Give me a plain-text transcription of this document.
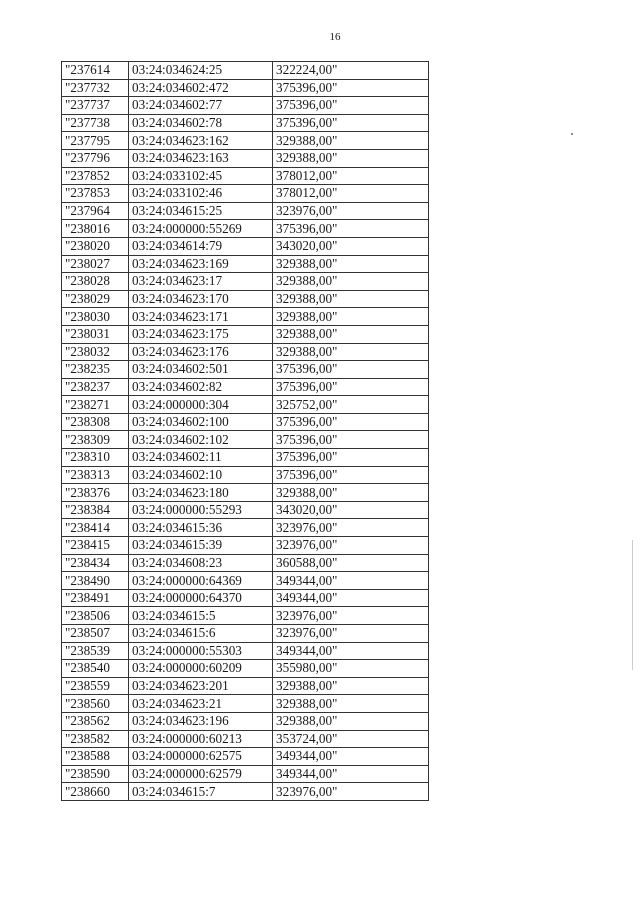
16
"237614	03:24:034624:25	322224,00"
"237732	03:24:034602:472	375396,00"
"237737	03:24:034602:77	375396,00"
"237738	03:24:034602:78	375396,00"
"237795	03:24:034623:162	329388,00"
"237796	03:24:034623:163	329388,00"
"237852	03:24:033102:45	378012,00"
"237853	03:24:033102:46	378012,00"
"237964	03:24:034615:25	323976,00"
"238016	03:24:000000:55269	375396,00"
"238020	03:24:034614:79	343020,00"
"238027	03:24:034623:169	329388,00"
"238028	03:24:034623:17	329388,00"
"238029	03:24:034623:170	329388,00"
"238030	03:24:034623:171	329388,00"
"238031	03:24:034623:175	329388,00"
"238032	03:24:034623:176	329388,00"
"238235	03:24:034602:501	375396,00"
"238237	03:24:034602:82	375396,00"
"238271	03:24:000000:304	325752,00"
"238308	03:24:034602:100	375396,00"
"238309	03:24:034602:102	375396,00"
"238310	03:24:034602:11	375396,00"
"238313	03:24:034602:10	375396,00"
"238376	03:24:034623:180	329388,00"
"238384	03:24:000000:55293	343020,00"
"238414	03:24:034615:36	323976,00"
"238415	03:24:034615:39	323976,00"
"238434	03:24:034608:23	360588,00"
"238490	03:24:000000:64369	349344,00"
"238491	03:24:000000:64370	349344,00"
"238506	03:24:034615:5	323976,00"
"238507	03:24:034615:6	323976,00"
"238539	03:24:000000:55303	349344,00"
"238540	03:24:000000:60209	355980,00"
"238559	03:24:034623:201	329388,00"
"238560	03:24:034623:21	329388,00"
"238562	03:24:034623:196	329388,00"
"238582	03:24:000000:60213	353724,00"
"238588	03:24:000000:62575	349344,00"
"238590	03:24:000000:62579	349344,00"
"238660	03:24:034615:7	323976,00"
